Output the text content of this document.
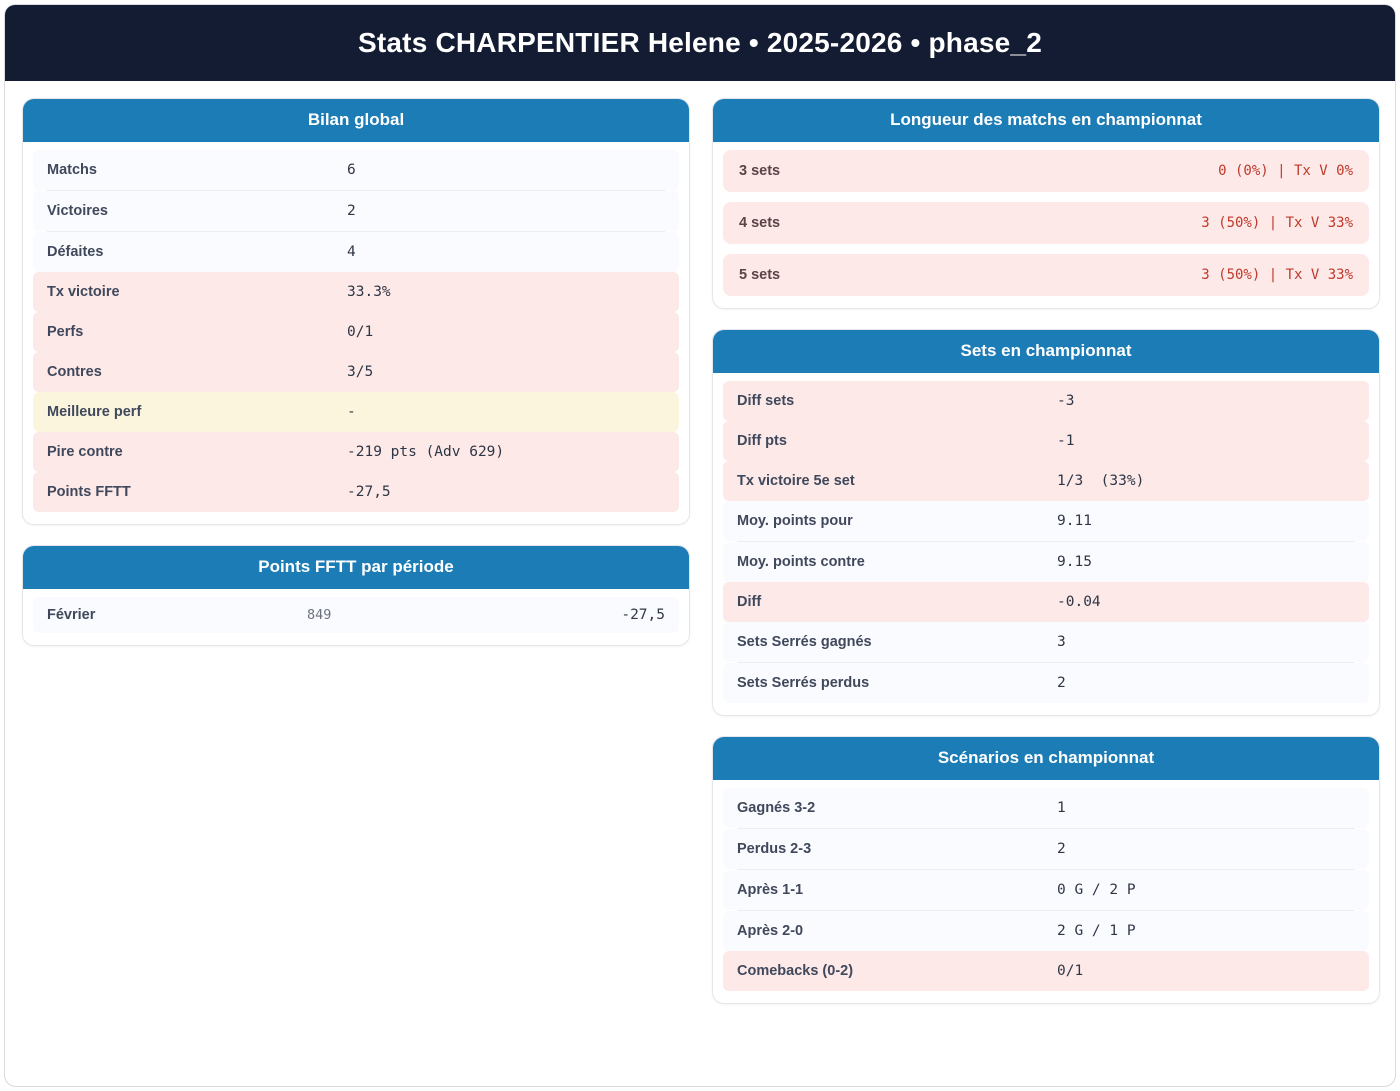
Stats CHARPENTIER Helene • 2025-2026 • phase_2
Bilan global
Matchs	6
Victoires	2
Défaites	4
Tx victoire	33.3%
Perfs	0/1
Contres	3/5
Meilleure perf	-
Pire contre	-219 pts (Adv 629)
Points FFTT	-27,5
Points FFTT par période
Février	849	-27,5
Longueur des matchs en championnat
3 sets	0 (0%) | Tx V 0%
4 sets	3 (50%) | Tx V 33%
5 sets	3 (50%) | Tx V 33%
Sets en championnat
Diff sets	-3
Diff pts	-1
Tx victoire 5e set	1/3  (33%)
Moy. points pour	9.11
Moy. points contre	9.15
Diff	-0.04
Sets Serrés gagnés	3
Sets Serrés perdus	2
Scénarios en championnat
Gagnés 3-2	1
Perdus 2-3	2
Après 1-1	0 G / 2 P
Après 2-0	2 G / 1 P
Comebacks (0-2)	0/1
